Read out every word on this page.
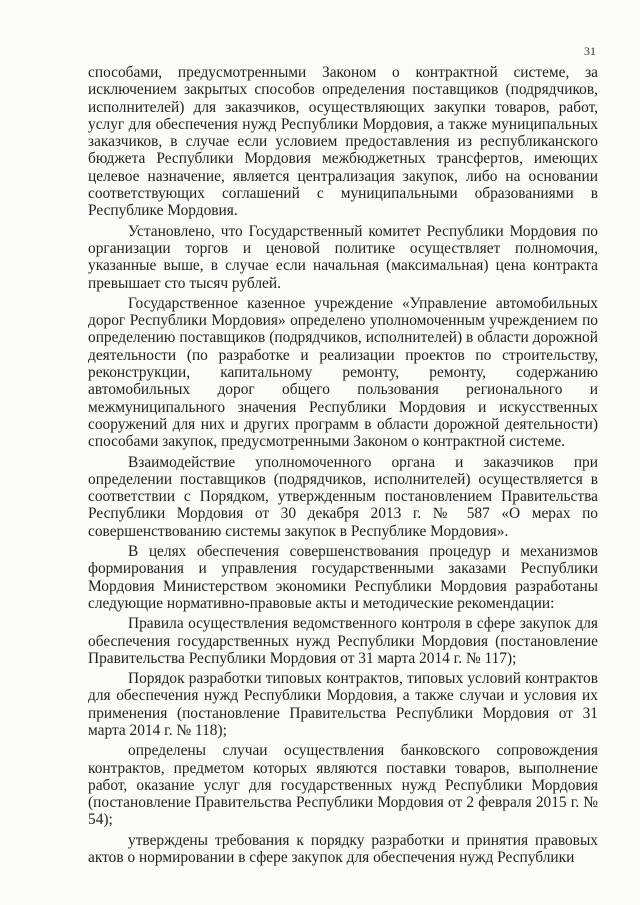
31

способами, предусмотренными Законом о контрактной системе, за исключением закрытых способов определения поставщиков (подрядчиков, исполнителей) для заказчиков, осуществляющих закупки товаров, работ, услуг для обеспечения нужд Республики Мордовия, а также муниципальных заказчиков, в случае если условием предоставления из республиканского бюджета Республики Мордовия межбюджетных трансфертов, имеющих целевое назначение, является централизация закупок, либо на основании соответствующих соглашений с муниципальными образованиями в Республике Мордовия.

Установлено, что Государственный комитет Республики Мордовия по организации торгов и ценовой политике осуществляет полномочия, указанные выше, в случае если начальная (максимальная) цена контракта превышает сто тысяч рублей.

Государственное казенное учреждение «Управление автомобильных дорог Республики Мордовия» определено уполномоченным учреждением по определению поставщиков (подрядчиков, исполнителей) в области дорожной деятельности (по разработке и реализации проектов по строительству, реконструкции, капитальному ремонту, ремонту, содержанию автомобильных дорог общего пользования регионального и межмуниципального значения Республики Мордовия и искусственных сооружений для них и других программ в области дорожной деятельности) способами закупок, предусмотренными Законом о контрактной системе.

Взаимодействие уполномоченного органа и заказчиков при определении поставщиков (подрядчиков, исполнителей) осуществляется в соответствии с Порядком, утвержденным постановлением Правительства Республики Мордовия от 30 декабря 2013 г. № 587 «О мерах по совершенствованию системы закупок в Республике Мордовия».

В целях обеспечения совершенствования процедур и механизмов формирования и управления государственными заказами Республики Мордовия Министерством экономики Республики Мордовия разработаны следующие нормативно-правовые акты и методические рекомендации:

Правила осуществления ведомственного контроля в сфере закупок для обеспечения государственных нужд Республики Мордовия (постановление Правительства Республики Мордовия от 31 марта 2014 г. № 117);

Порядок разработки типовых контрактов, типовых условий контрактов для обеспечения нужд Республики Мордовия, а также случаи и условия их применения (постановление Правительства Республики Мордовия от 31 марта 2014 г. № 118);

определены случаи осуществления банковского сопровождения контрактов, предметом которых являются поставки товаров, выполнение работ, оказание услуг для государственных нужд Республики Мордовия (постановление Правительства Республики Мордовия от 2 февраля 2015 г. № 54);

утверждены требования к порядку разработки и принятия правовых актов о нормировании в сфере закупок для обеспечения нужд Республики
